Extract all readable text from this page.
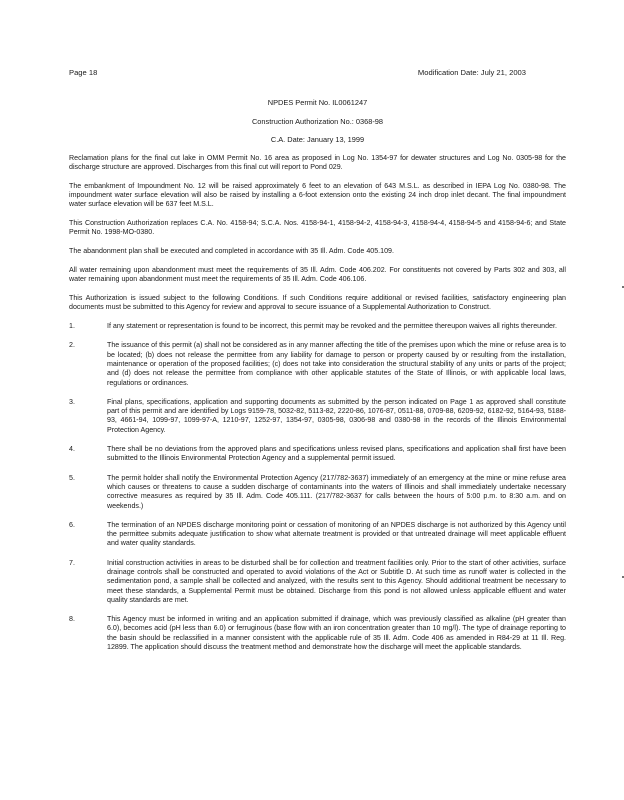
Page 18	Modification Date: July 21, 2003
NPDES Permit No. IL0061247
Construction Authorization No.: 0368-98
C.A. Date: January 13, 1999

Reclamation plans for the final cut lake in OMM Permit No. 16 area as proposed in Log No. 1354-97 for dewater structures and Log No. 0305-98 for the discharge structure are approved. Discharges from this final cut will report to Pond 029.

The embankment of Impoundment No. 12 will be raised approximately 6 feet to an elevation of 643 M.S.L. as described in IEPA Log No. 0380-98. The impoundment water surface elevation will also be raised by installing a 6-foot extension onto the existing 24 inch drop inlet decant. The final impoundment water surface elevation will be 637 feet M.S.L.

This Construction Authorization replaces C.A. No. 4158-94; S.C.A. Nos. 4158-94-1, 4158-94-2, 4158-94-3, 4158-94-4, 4158-94-5 and 4158-94-6; and State Permit No. 1998-MO-0380.

The abandonment plan shall be executed and completed in accordance with 35 Ill. Adm. Code 405.109.

All water remaining upon abandonment must meet the requirements of 35 Ill. Adm. Code 406.202. For constituents not covered by Parts 302 and 303, all water remaining upon abandonment must meet the requirements of 35 Ill. Adm. Code 406.106.

This Authorization is issued subject to the following Conditions. If such Conditions require additional or revised facilities, satisfactory engineering plan documents must be submitted to this Agency for review and approval to secure issuance of a Supplemental Authorization to Construct.

1.	If any statement or representation is found to be incorrect, this permit may be revoked and the permittee thereupon waives all rights thereunder.
2.	The issuance of this permit (a) shall not be considered as in any manner affecting the title of the premises upon which the mine or refuse area is to be located; (b) does not release the permittee from any liability for damage to person or property caused by or resulting from the installation, maintenance or operation of the proposed facilities; (c) does not take into consideration the structural stability of any units or parts of the project; and (d) does not release the permittee from compliance with other applicable statutes of the State of Illinois, or with applicable local laws, regulations or ordinances.
3.	Final plans, specifications, application and supporting documents as submitted by the person indicated on Page 1 as approved shall constitute part of this permit and are identified by Logs 9159-78, 5032-82, 5113-82, 2220-86, 1076-87, 0511-88, 0709-88, 6209-92, 6182-92, 5164-93, 5188-93, 4661-94, 1099-97, 1099-97-A, 1210-97, 1252-97, 1354-97, 0305-98, 0306-98 and 0380-98 in the records of the Illinois Environmental Protection Agency.
4.	There shall be no deviations from the approved plans and specifications unless revised plans, specifications and application shall first have been submitted to the Illinois Environmental Protection Agency and a supplemental permit issued.
5.	The permit holder shall notify the Environmental Protection Agency (217/782-3637) immediately of an emergency at the mine or mine refuse area which causes or threatens to cause a sudden discharge of contaminants into the waters of Illinois and shall immediately undertake necessary corrective measures as required by 35 Ill. Adm. Code 405.111. (217/782-3637 for calls between the hours of 5:00 p.m. to 8:30 a.m. and on weekends.)
6.	The termination of an NPDES discharge monitoring point or cessation of monitoring of an NPDES discharge is not authorized by this Agency until the permittee submits adequate justification to show what alternate treatment is provided or that untreated drainage will meet applicable effluent and water quality standards.
7.	Initial construction activities in areas to be disturbed shall be for collection and treatment facilities only. Prior to the start of other activities, surface drainage controls shall be constructed and operated to avoid violations of the Act or Subtitle D. At such time as runoff water is collected in the sedimentation pond, a sample shall be collected and analyzed, with the results sent to this Agency. Should additional treatment be necessary to meet these standards, a Supplemental Permit must be obtained. Discharge from this pond is not allowed unless applicable effluent and water quality standards are met.
8.	This Agency must be informed in writing and an application submitted if drainage, which was previously classified as alkaline (pH greater than 6.0), becomes acid (pH less than 6.0) or ferruginous (base flow with an iron concentration greater than 10 mg/l). The type of drainage reporting to the basin should be reclassified in a manner consistent with the applicable rule of 35 Ill. Adm. Code 406 as amended in R84-29 at 11 Ill. Reg. 12899. The application should discuss the treatment method and demonstrate how the discharge will meet the applicable standards.
